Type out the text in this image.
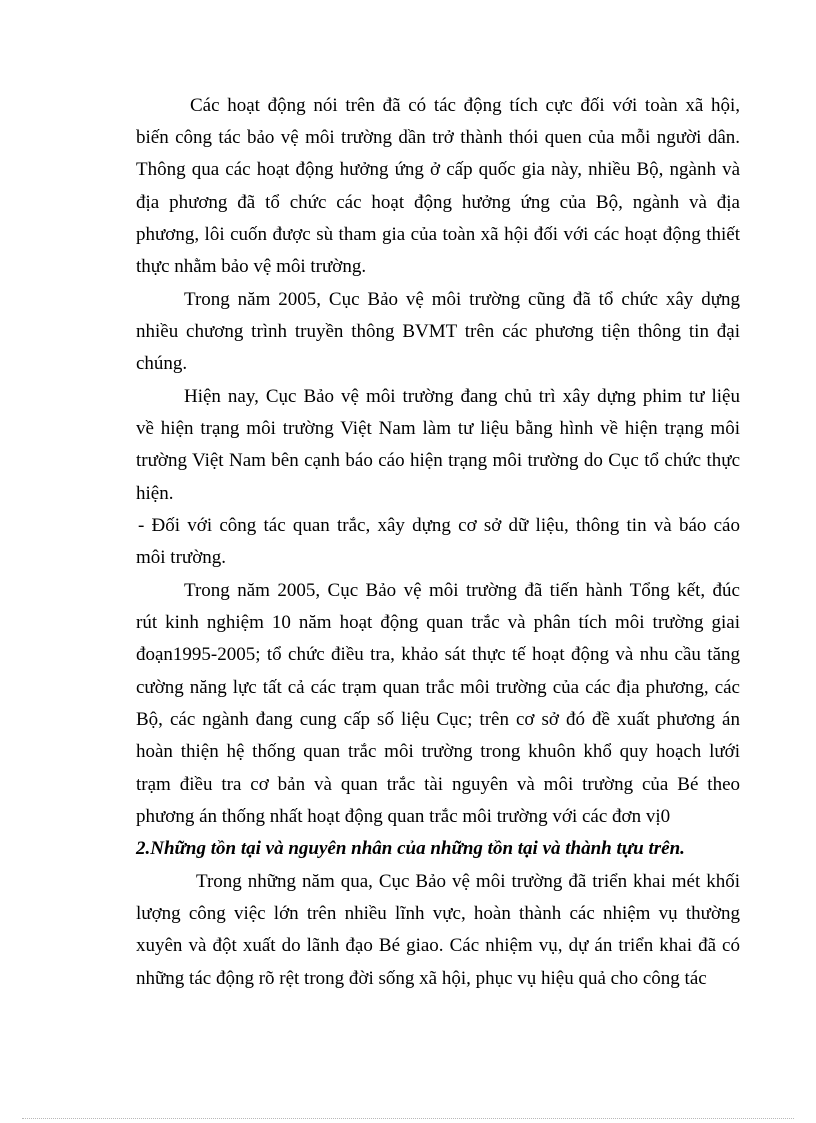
Các hoạt động nói trên đã có tác động tích cực đối với toàn xã hội,
biến công tác bảo vệ môi trường dần trở thành thói quen của mỗi người dân.
Thông qua các hoạt động hưởng ứng ở cấp quốc gia này, nhiều Bộ, ngành và
địa phương đã tổ chức các hoạt động hưởng ứng của Bộ, ngành và địa
phương, lôi cuốn được sù tham gia của toàn xã hội đối với các hoạt động thiết
thực nhằm bảo vệ môi trường.
Trong năm 2005, Cục Bảo vệ môi trường cũng đã tổ chức xây dựng
nhiều chương trình truyền thông BVMT trên các phương tiện thông tin đại
chúng.
Hiện nay, Cục Bảo vệ môi trường đang chủ trì xây dựng phim tư liệu
về hiện trạng môi trường Việt Nam làm tư liệu bằng hình về hiện trạng môi
trường Việt Nam bên cạnh báo cáo hiện trạng môi trường do Cục tổ chức thực
hiện.
- Đối với công tác quan trắc, xây dựng cơ sở dữ liệu, thông tin và báo cáo
môi trường.
Trong năm 2005, Cục Bảo vệ môi trường đã tiến hành Tổng kết, đúc
rút kinh nghiệm 10 năm hoạt động quan trắc và phân tích môi trường giai
đoạn1995-2005; tổ chức điều tra, khảo sát thực tế hoạt động và nhu cầu tăng
cường năng lực tất cả các trạm quan trắc môi trường của các địa phương, các
Bộ, các ngành đang cung cấp số liệu Cục; trên cơ sở đó đề xuất phương án
hoàn thiện hệ thống quan trắc môi trường trong khuôn khổ quy hoạch lưới
trạm điều tra cơ bản và quan trắc tài nguyên và môi trường của Bé theo
phương án thống nhất hoạt động quan trắc môi trường với các đơn vị0
2.Những tồn tại và nguyên nhân của những tồn tại và thành tựu trên.
Trong những năm qua, Cục Bảo vệ môi trường đã triển khai mét khối
lượng công việc lớn trên nhiều lĩnh vực, hoàn thành các nhiệm vụ thường
xuyên và đột xuất do lãnh đạo Bé giao. Các nhiệm vụ, dự án triển khai đã có
những tác động rõ rệt trong đời sống xã hội, phục vụ hiệu quả cho công tác
